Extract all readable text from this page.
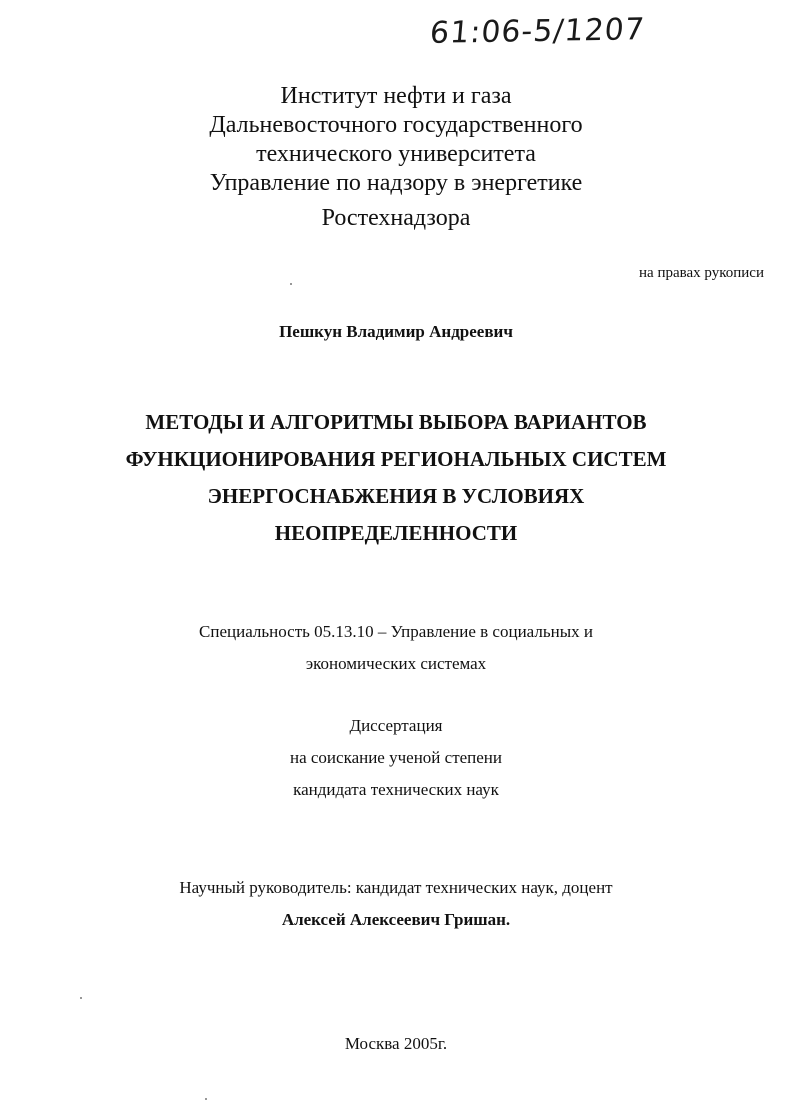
61:06-5/1207
Институт нефти и газа
Дальневосточного государственного
технического университета
Управление по надзору в энергетике
Ростехнадзора
на правах рукописи
Пешкун Владимир Андреевич
МЕТОДЫ И АЛГОРИТМЫ ВЫБОРА ВАРИАНТОВ
ФУНКЦИОНИРОВАНИЯ РЕГИОНАЛЬНЫХ СИСТЕМ
ЭНЕРГОСНАБЖЕНИЯ В УСЛОВИЯХ
НЕОПРЕДЕЛЕННОСТИ
Специальность 05.13.10 – Управление в социальных и
экономических системах
Диссертация
на соискание ученой степени
кандидата технических наук
Научный руководитель: кандидат технических наук, доцент
Алексей Алексеевич Гришан.
Москва 2005г.
